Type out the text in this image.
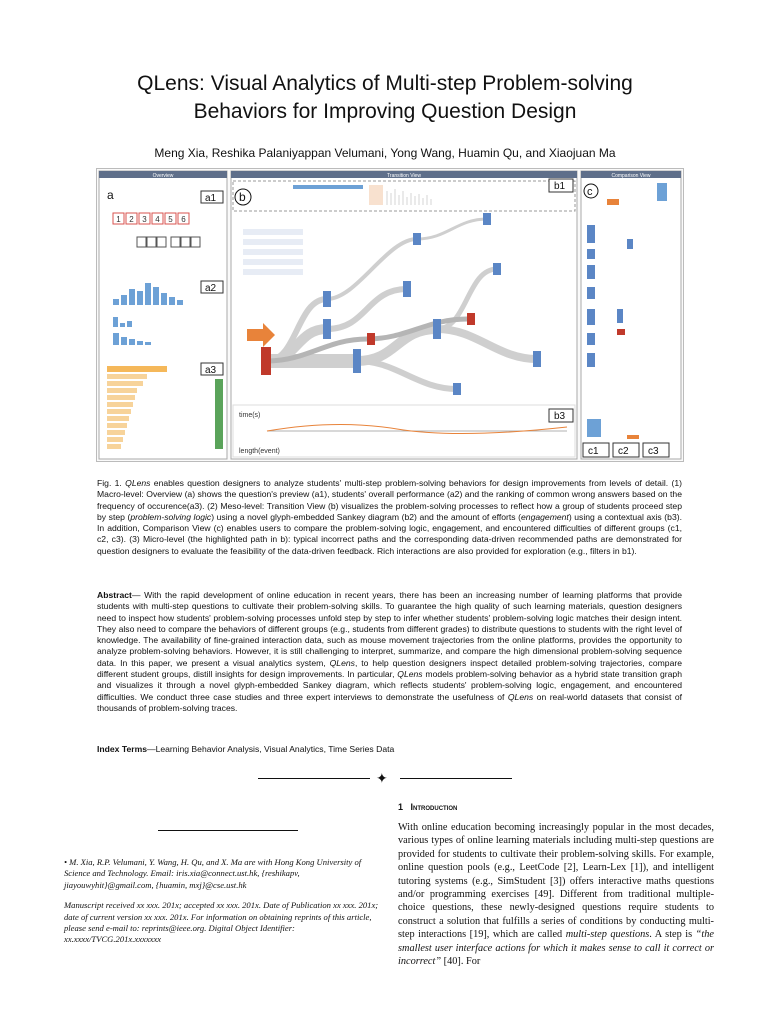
QLens: Visual Analytics of Multi-step Problem-solving
Behaviors for Improving Question Design
Meng Xia, Reshika Palaniyappan Velumani, Yong Wang, Huamin Qu, and Xiaojuan Ma
Overview
a	a1
1 2 3 4 5 6
a2
a3
Transition View
b
b1
time(s)
length(event)
b3
Comparison View
c
c1 c2 c3
Fig. 1. QLens enables question designers to analyze students' multi-step problem-solving behaviors for design improvements from levels of detail. (1) Macro-level: Overview (a) shows the question's preview (a1), students' overall performance (a2) and the ranking of common wrong answers based on the frequency of occurence(a3). (2) Meso-level: Transition View (b) visualizes the problem-solving processes to reflect how a group of students proceed step by step (problem-solving logic) using a novel glyph-embedded Sankey diagram (b2) and the amount of efforts (engagement) using a contextual axis (b3). In addition, Comparison View (c) enables users to compare the problem-solving logic, engagement, and encountered difficulties of different groups (c1, c2, c3). (3) Micro-level (the highlighted path in b): typical incorrect paths and the corresponding data-driven recommended paths are demonstrated for question designers to evaluate the feasibility of the data-driven feedback. Rich interactions are also provided for exploration (e.g., filters in b1).
Abstract— With the rapid development of online education in recent years, there has been an increasing number of learning platforms that provide students with multi-step questions to cultivate their problem-solving skills. To guarantee the high quality of such learning materials, question designers need to inspect how students' problem-solving processes unfold step by step to infer whether students' problem-solving logic matches their design intent. They also need to compare the behaviors of different groups (e.g., students from different grades) to distribute questions to students with the right level of knowledge. The availability of fine-grained interaction data, such as mouse movement trajectories from the online platforms, provides the opportunity to analyze problem-solving behaviors. However, it is still challenging to interpret, summarize, and compare the high dimensional problem-solving sequence data. In this paper, we present a visual analytics system, QLens, to help question designers inspect detailed problem-solving trajectories, compare different student groups, distill insights for design improvements. In particular, QLens models problem-solving behavior as a hybrid state transition graph and visualizes it through a novel glyph-embedded Sankey diagram, which reflects students' problem-solving logic, engagement, and encountered difficulties. We conduct three case studies and three expert interviews to demonstrate the usefulness of QLens on real-world datasets that consist of thousands of problem-solving traces.
Index Terms—Learning Behavior Analysis, Visual Analytics, Time Series Data
✦
1 Introduction
With online education becoming increasingly popular in the most decades, various types of online learning materials including multi-step questions are provided for students to cultivate their problem-solving skills. For example, online question pools (e.g., LeetCode [2], Learn-Lex [1]), and intelligent tutoring systems (e.g., SimStudent [3]) offers interactive maths questions and/or programming exercises [49]. Different from traditional multiple-choice questions, these newly-designed questions require students to construct a solution that fulfills a series of conditions by conducting multi-step interactions [19], which are called multi-step questions. A step is “the smallest user interface actions for which it makes sense to call it correct or incorrect” [40]. For

• M. Xia, R.P. Velumani, Y. Wang, H. Qu, and X. Ma are with Hong Kong University of Science and Technology. Email: iris.xia@connect.ust.hk, {reshikapv, jiayouwyhit}@gmail.com, {huamin, mxj}@cse.ust.hk

Manuscript received xx xxx. 201x; accepted xx xxx. 201x. Date of Publication xx xxx. 201x; date of current version xx xxx. 201x. For information on obtaining reprints of this article, please send e-mail to: reprints@ieee.org. Digital Object Identifier: xx.xxxx/TVCG.201x.xxxxxxx
